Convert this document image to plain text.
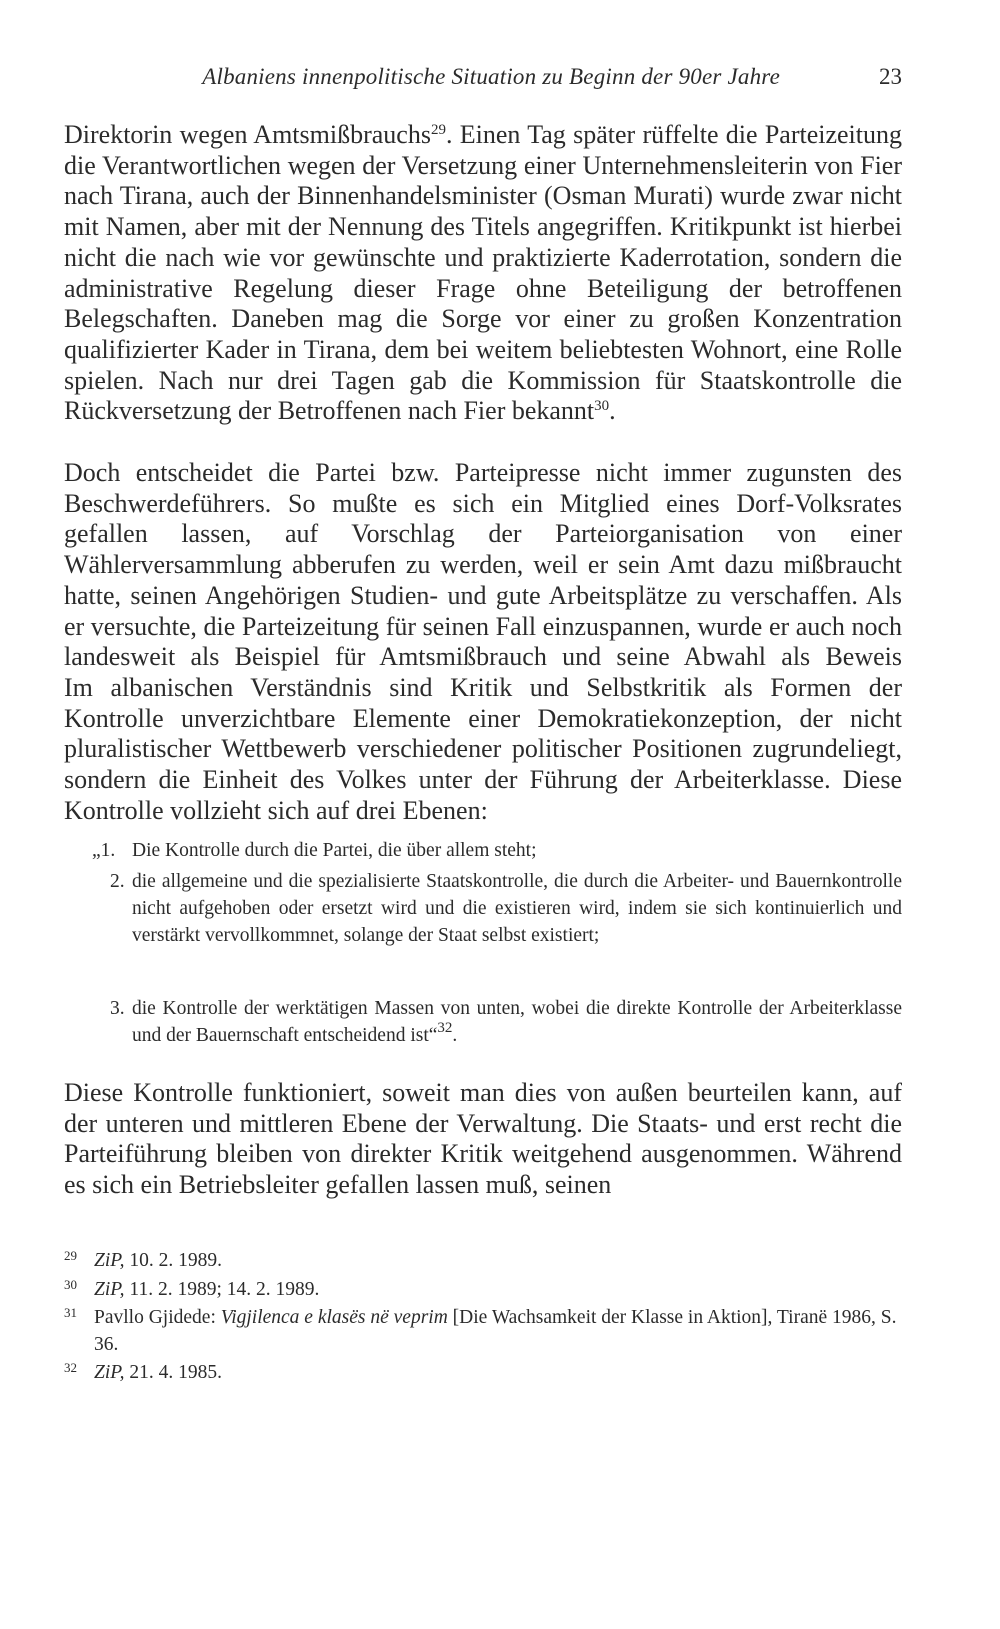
Albaniens innenpolitische Situation zu Beginn der 90er Jahre	23

Direktorin wegen Amtsmißbrauchs$^{29}$. Einen Tag später rüffelte die Parteizeitung die Verantwortlichen wegen der Versetzung einer Unternehmensleiterin von Fier nach Tirana, auch der Binnenhandelsminister (Osman Murati) wurde zwar nicht mit Namen, aber mit der Nennung des Titels angegriffen. Kritikpunkt ist hierbei nicht die nach wie vor gewünschte und praktizierte Kaderrotation, sondern die administrative Regelung dieser Frage ohne Beteiligung der betroffenen Belegschaften. Daneben mag die Sorge vor einer zu großen Konzentration qualifizierter Kader in Tirana, dem bei weitem beliebtesten Wohnort, eine Rolle spielen. Nach nur drei Tagen gab die Kommission für Staatskontrolle die Rückversetzung der Betroffenen nach Fier bekannt$^{30}$.

Doch entscheidet die Partei bzw. Parteipresse nicht immer zugunsten des Beschwerdeführers. So mußte es sich ein Mitglied eines Dorf-Volksrates gefallen lassen, auf Vorschlag der Parteiorganisation von einer Wählerversammlung abberufen zu werden, weil er sein Amt dazu mißbraucht hatte, seinen Angehörigen Studien- und gute Arbeitsplätze zu verschaffen. Als er versuchte, die Parteizeitung für seinen Fall einzuspannen, wurde er auch noch landesweit als Beispiel für Amtsmißbrauch und seine Abwahl als Beweis

Im albanischen Verständnis sind Kritik und Selbstkritik als Formen der Kontrolle unverzichtbare Elemente einer Demokratiekonzeption, der nicht pluralistischer Wettbewerb verschiedener politischer Positionen zugrundeliegt, sondern die Einheit des Volkes unter der Führung der Arbeiterklasse. Diese Kontrolle vollzieht sich auf drei Ebenen:

„1. Die Kontrolle durch die Partei, die über allem steht;
2. die allgemeine und die spezialisierte Staatskontrolle, die durch die Arbeiter- und Bauernkontrolle nicht aufgehoben oder ersetzt wird und die existieren wird, indem sie sich kontinuierlich und verstärkt vervollkommnet, solange der Staat selbst existiert;
3. die Kontrolle der werktätigen Massen von unten, wobei die direkte Kontrolle der Arbeiterklasse und der Bauernschaft entscheidend ist“$^{32}$.

Diese Kontrolle funktioniert, soweit man dies von außen beurteilen kann, auf der unteren und mittleren Ebene der Verwaltung. Die Staats- und erst recht die Parteiführung bleiben von direkter Kritik weitgehend ausgenommen. Während es sich ein Betriebsleiter gefallen lassen muß, seinen

29 ZiP, 10. 2. 1989.
30 ZiP, 11. 2. 1989; 14. 2. 1989.
31 Pavllo Gjidede: Vigjilenca e klasës në veprim [Die Wachsamkeit der Klasse in Aktion], Tiranë 1986, S. 36.
32 ZiP, 21. 4. 1985.
